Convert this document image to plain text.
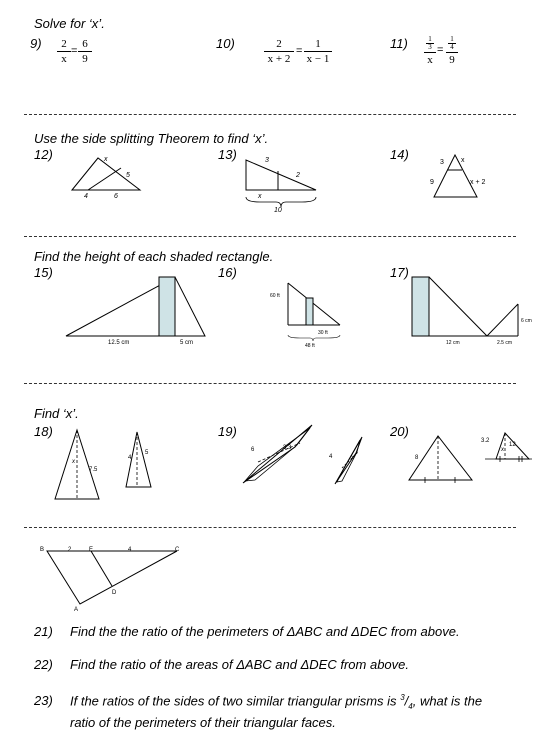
Solve for ‘x’.
9)	2
x
=
6
9
10)	2
x + 2
=
1
x − 1
11)	1
3
x
=
1
4
9
Use the side splitting Theorem to find ‘x’.
12)	13)	14)
x
5
4	6
3
2
x
10
3 x
9	x + 2
Find the height of each shaded rectangle.
15)	16)	17)
12.5 cm	5 cm
60 ft
30 ft
48 ft	12 cm	2.5 cm
6 cm
Find ‘x’.
18)	19)	20)
x
7.5
4
5	6	3.3
4	x	8
3.2
12
x
B	2	E	4	C
D
A
21) Find the the ratio of the perimeters of ΔABC and ΔDEC from above.
22) Find the ratio of the areas of ΔABC and ΔDEC from above.
23) If the ratios of the sides of two similar triangular prisms is $^3/_4$, what is the
ratio of the perimeters of their triangular faces.
